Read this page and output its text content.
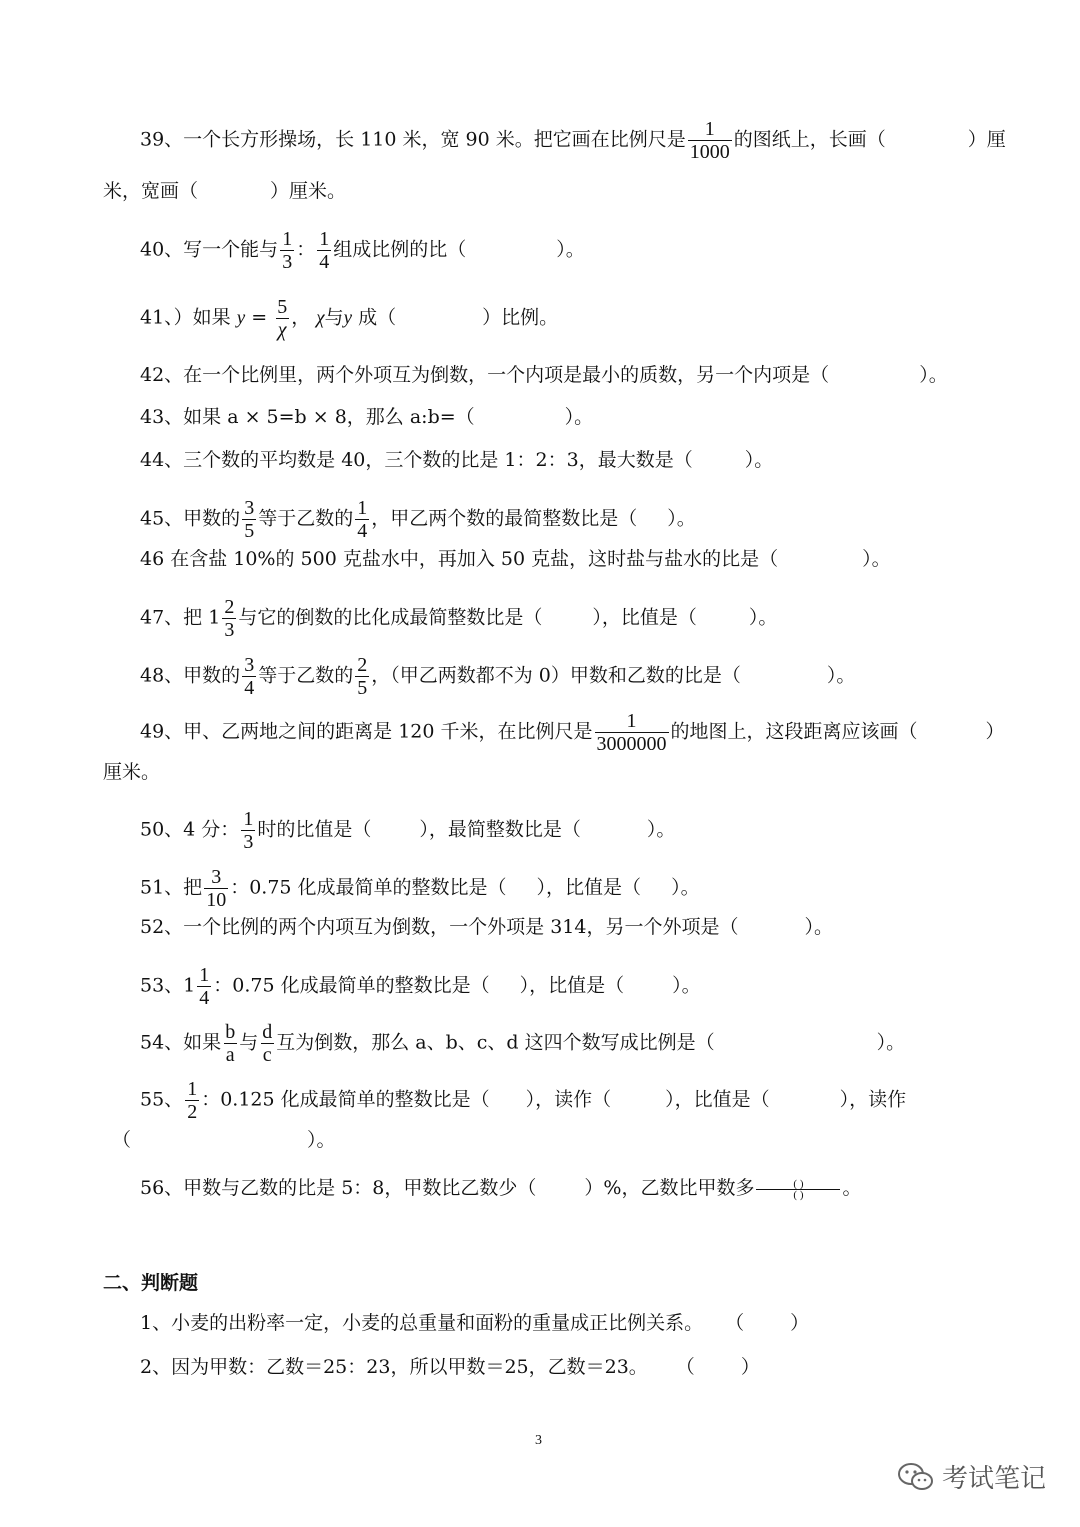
39、一个长方形操场，长 110 米，宽 90 米。把它画在比例尺是 $\frac{1}{1000}$ 的图纸上，长画（	）厘
米，宽画（	）厘米。
40、写一个能与 $\frac{1}{3}$ ： $\frac{1}{4}$ 组成比例的比（	）。
41、）如果 $y = \frac{5}{\chi}$ ， χ与y 成（	）比例。
42、在一个比例里，两个外项互为倒数，一个内项是最小的质数，另一个内项是（	）。
43、如果 a × 5=b × 8，那么 a:b=（	）。
44、三个数的平均数是 40，三个数的比是 1：2：3，最大数是（	）。
45、甲数的 $\frac{3}{5}$ 等于乙数的 $\frac{1}{4}$ ，甲乙两个数的最简整数比是（ ）。
46 在含盐 10%的 500 克盐水中，再加入 50 克盐，这时盐与盐水的比是（	）。
47、把 $1 \frac{2}{3}$ 与它的倒数的比化成最简整数比是（	），比值是（	）。
48、甲数的 $\frac{3}{4}$ 等于乙数的 $\frac{2}{5}$ ，（甲乙两数都不为 0）甲数和乙数的比是（	）。
49、甲、乙两地之间的距离是 120 千米，在比例尺是 $\frac{1}{3000000}$ 的地图上，这段距离应该画（	）
厘米。
50、4 分： $\frac{1}{3}$ 时的比值是（	），最简整数比是（	）。
51、把 $\frac{3}{10}$ ：0.75 化成最简单的整数比是（ ），比值是（ ）。
52、一个比例的两个内项互为倒数，一个外项是 314，另一个外项是（	）。
53、$1 \frac{1}{4}$ ：0.75 化成最简单的整数比是（ ），比值是（	）。
54、如果 $\frac{b}{a}$ 与 $\frac{d}{c}$ 互为倒数，那么 a、b、c、d 这四个数写成比例是（	）。
55、 $\frac{1}{2}$ ：0.125 化成最简单的整数比是（ ），读作（	），比值是（	），读作
（	）。
56、甲数与乙数的比是 5：8，甲数比乙数少（	）%，乙数比甲数多 $\frac{( )}{( )}$ 。
二、判断题
1、小麦的出粉率一定，小麦的总重量和面粉的重量成正比例关系。 （ ）
2、因为甲数：乙数＝25：23，所以甲数＝25，乙数＝23。 （ ）
3
考试笔记
